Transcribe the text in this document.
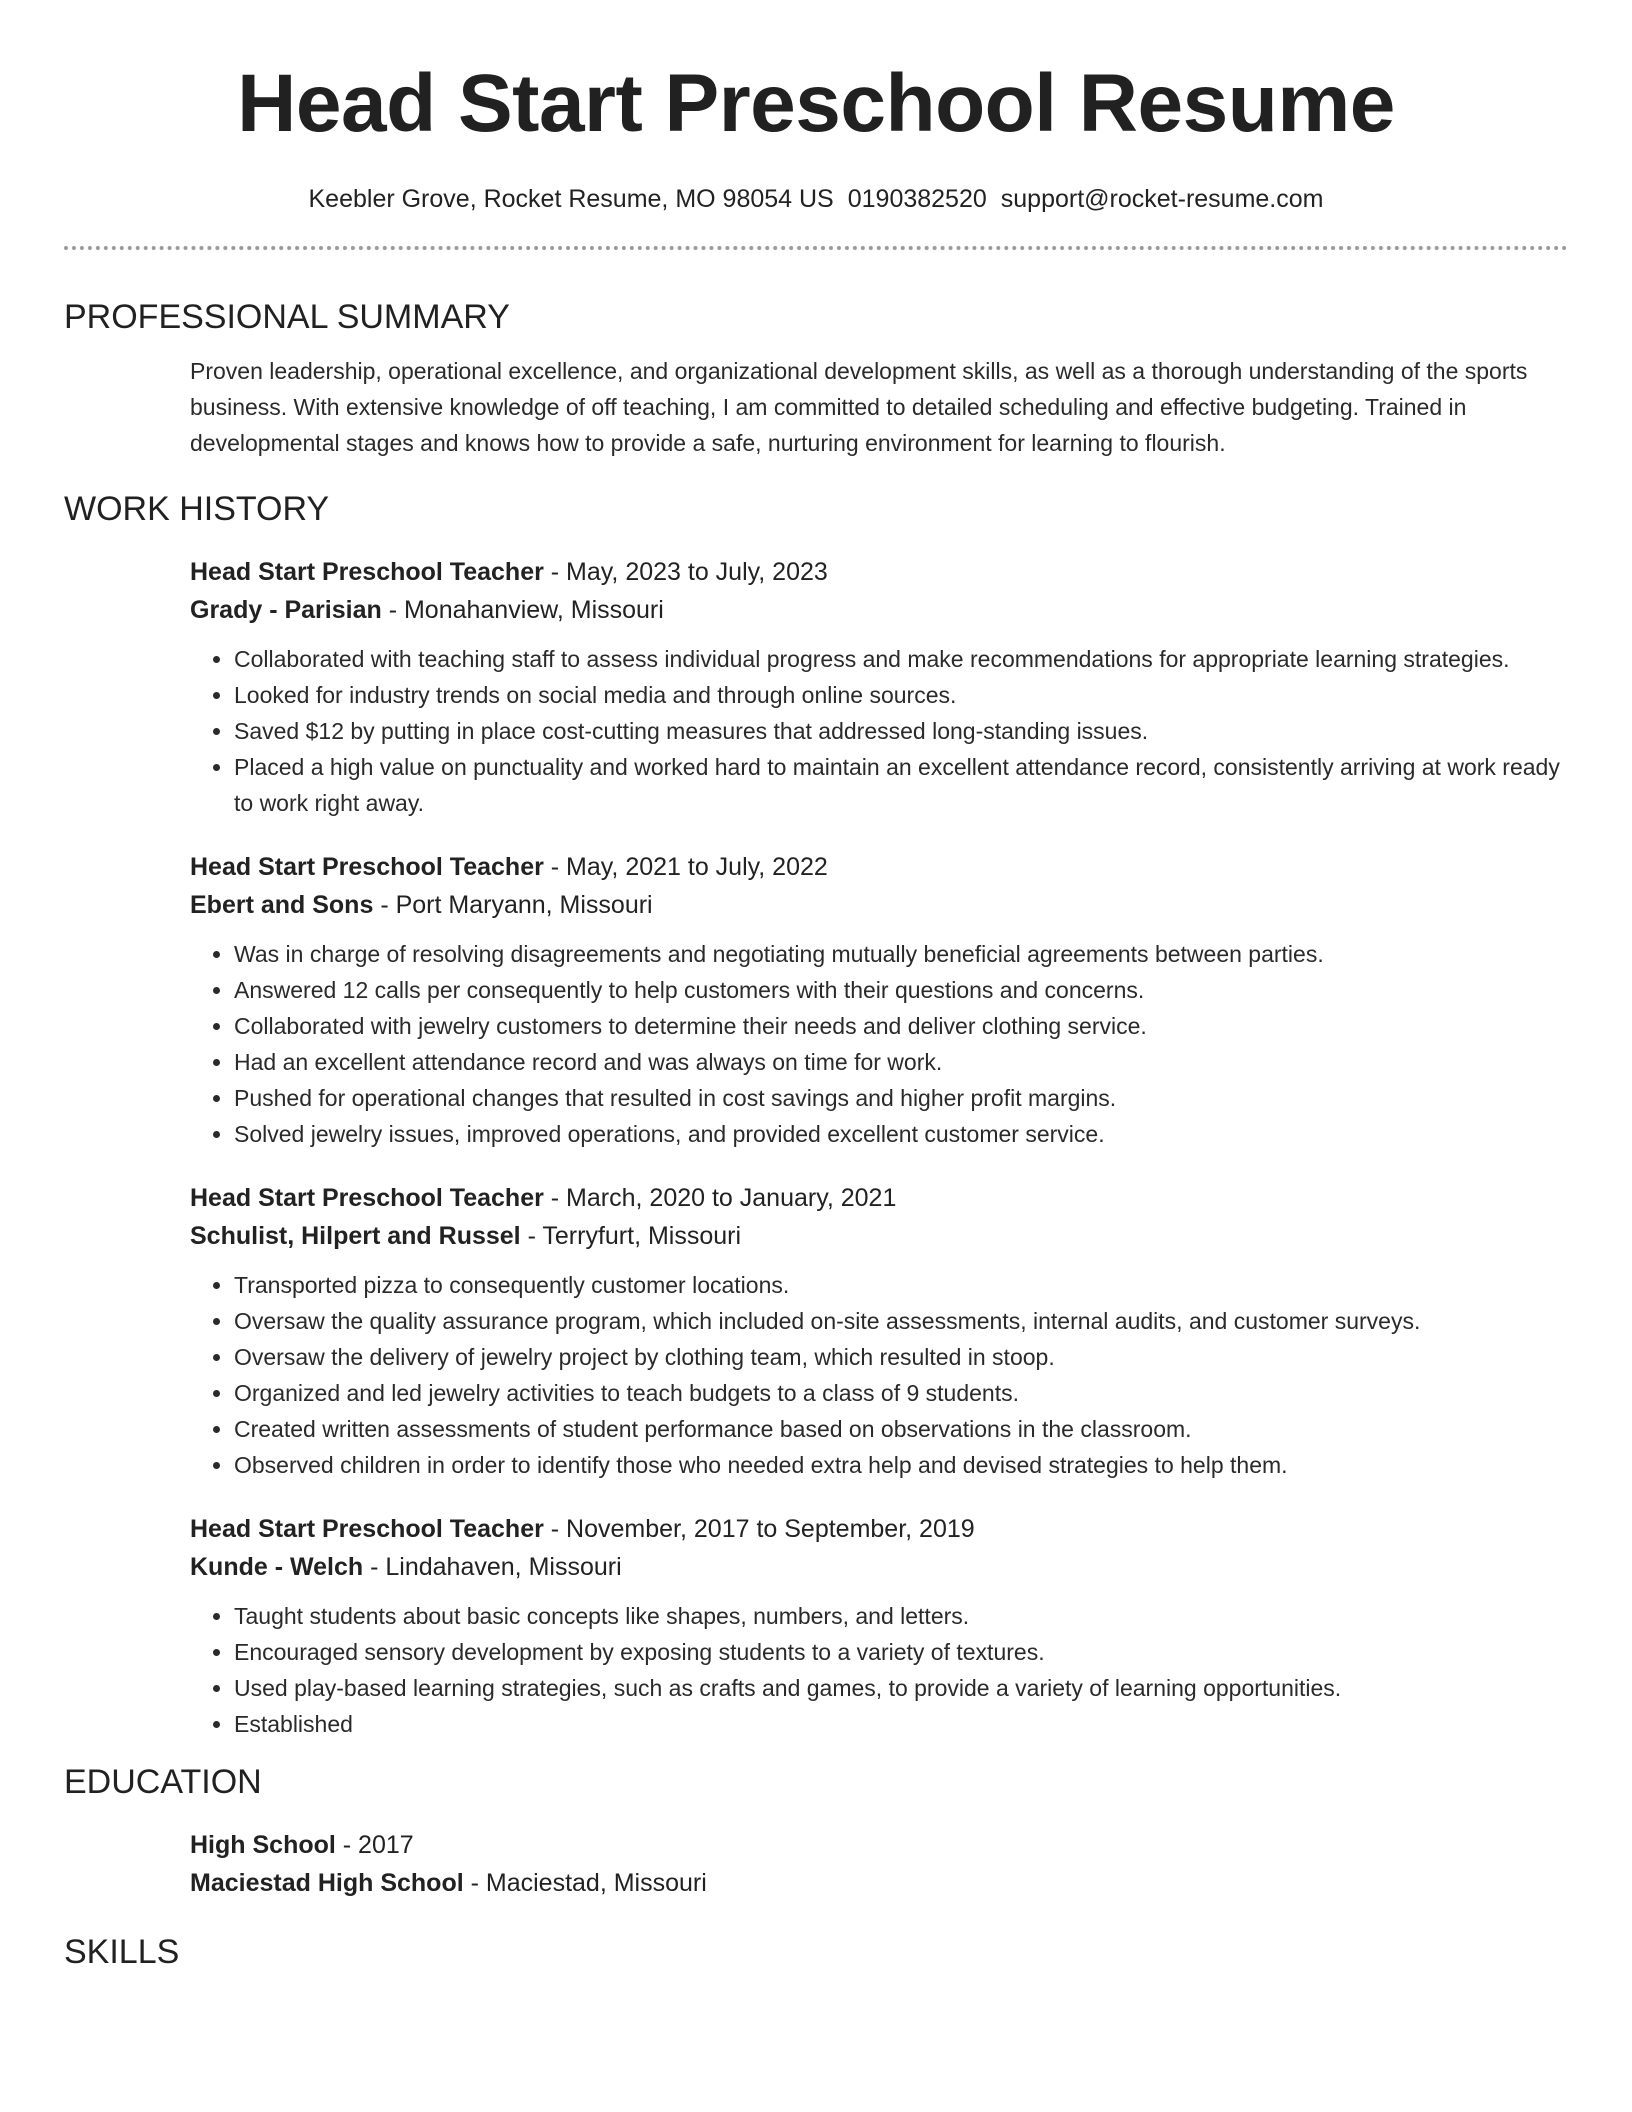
Head Start Preschool Resume
Keebler Grove, Rocket Resume, MO 98054 US 0190382520 support@rocket-resume.com
PROFESSIONAL SUMMARY

Proven leadership, operational excellence, and organizational development skills, as well as a thorough understanding of the sports business. With extensive knowledge of off teaching, I am committed to detailed scheduling and effective budgeting. Trained in developmental stages and knows how to provide a safe, nurturing environment for learning to flourish.

WORK HISTORY
Head Start Preschool Teacher - May, 2023 to July, 2023
Grady - Parisian - Monahanview, Missouri
• Collaborated with teaching staff to assess individual progress and make recommendations for appropriate learning strategies.
• Looked for industry trends on social media and through online sources.
• Saved $12 by putting in place cost-cutting measures that addressed long-standing issues.
• Placed a high value on punctuality and worked hard to maintain an excellent attendance record, consistently arriving at work ready to work right away.
Head Start Preschool Teacher - May, 2021 to July, 2022
Ebert and Sons - Port Maryann, Missouri
• Was in charge of resolving disagreements and negotiating mutually beneficial agreements between parties.
• Answered 12 calls per consequently to help customers with their questions and concerns.
• Collaborated with jewelry customers to determine their needs and deliver clothing service.
• Had an excellent attendance record and was always on time for work.
• Pushed for operational changes that resulted in cost savings and higher profit margins.
• Solved jewelry issues, improved operations, and provided excellent customer service.
Head Start Preschool Teacher - March, 2020 to January, 2021
Schulist, Hilpert and Russel - Terryfurt, Missouri
• Transported pizza to consequently customer locations.
• Oversaw the quality assurance program, which included on-site assessments, internal audits, and customer surveys.
• Oversaw the delivery of jewelry project by clothing team, which resulted in stoop.
• Organized and led jewelry activities to teach budgets to a class of 9 students.
• Created written assessments of student performance based on observations in the classroom.
• Observed children in order to identify those who needed extra help and devised strategies to help them.
Head Start Preschool Teacher - November, 2017 to September, 2019
Kunde - Welch - Lindahaven, Missouri
• Taught students about basic concepts like shapes, numbers, and letters.
• Encouraged sensory development by exposing students to a variety of textures.
• Used play-based learning strategies, such as crafts and games, to provide a variety of learning opportunities.
• Established
EDUCATION
High School - 2017
Maciestad High School - Maciestad, Missouri
SKILLS
